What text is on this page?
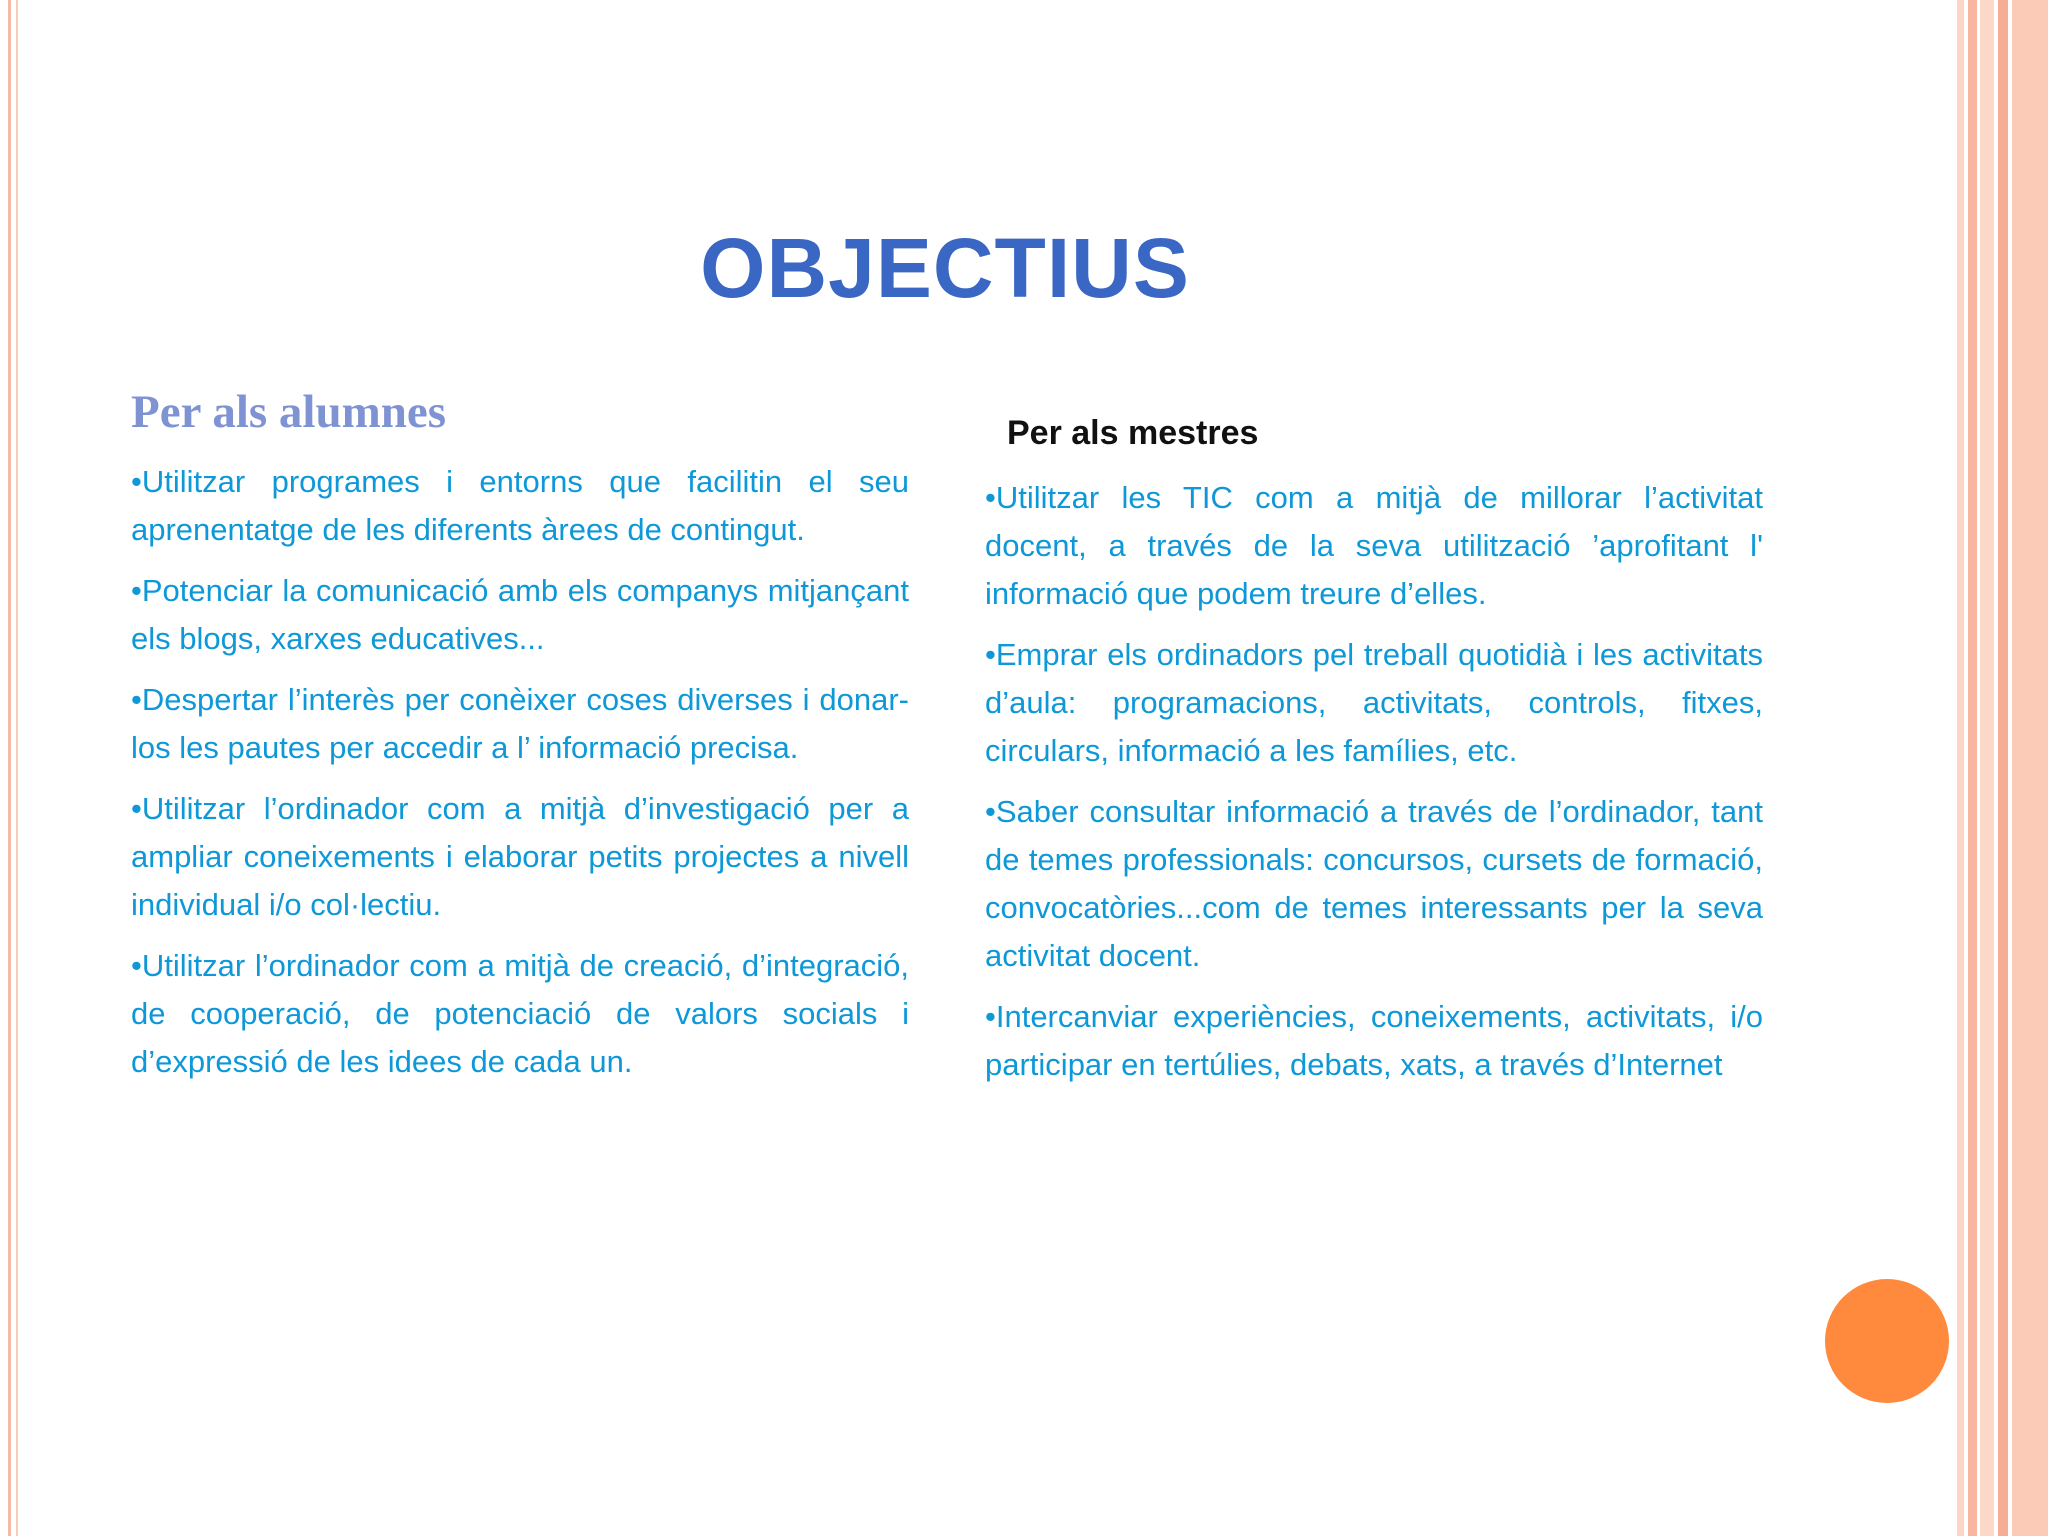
OBJECTIUS
Per als alumnes
•Utilitzar programes i entorns que facilitin el seu aprenentatge de les diferents àrees de contingut.
•Potenciar la comunicació amb els companys mitjançant els blogs, xarxes educatives...
•Despertar l’interès per conèixer coses diverses i donar-los les pautes per accedir a l’ informació precisa.
•Utilitzar l’ordinador com a mitjà d’investigació per a ampliar coneixements i elaborar petits projectes a nivell individual i/o col·lectiu.
•Utilitzar l’ordinador com a mitjà de creació, d’integració, de cooperació, de potenciació de valors socials i d’expressió de les idees de cada un.
Per als mestres
•Utilitzar les TIC com a mitjà de millorar l’activitat docent, a través de la seva utilització ’aprofitant l' informació que podem treure d’elles.
•Emprar els ordinadors pel treball quotidià i les activitats d’aula: programacions, activitats, controls, fitxes, circulars, informació a les famílies, etc.
•Saber consultar informació a través de l’ordinador, tant de temes professionals: concursos, cursets de formació, convocatòries...com de temes interessants per la seva activitat docent.
•Intercanviar experiències, coneixements, activitats, i/o participar en tertúlies, debats, xats, a través d’Internet
